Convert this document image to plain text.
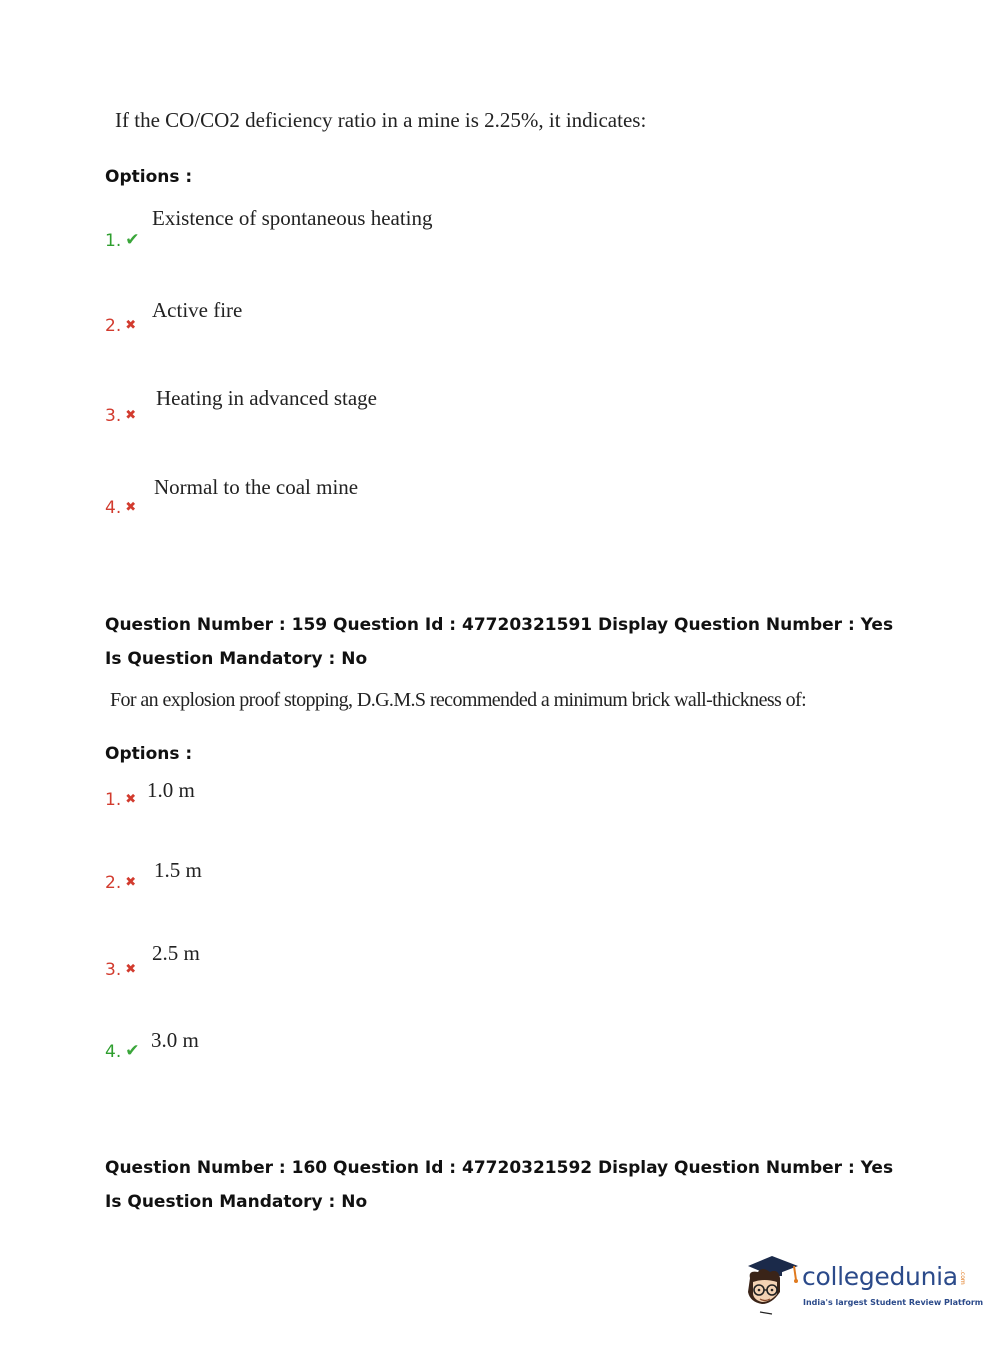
If the CO/CO2 deficiency ratio in a mine is 2.25%, it indicates:
Options :
1. ✔
Existence of spontaneous heating
2. ✖
Active fire
3. ✖
Heating in advanced stage
4. ✖
Normal to the coal mine
Question Number : 159 Question Id : 47720321591 Display Question Number : Yes Is Question Mandatory : No
For an explosion proof stopping, D.G.M.S recommended a minimum brick wall-thickness of:
Options :
1. ✖ 1.0 m
2. ✖
1.5 m
3. ✖
2.5 m
4. ✔ 3.0 m
Question Number : 160 Question Id : 47720321592 Display Question Number : Yes Is Question Mandatory : No
collegedunia .com
India's largest Student Review Platform
